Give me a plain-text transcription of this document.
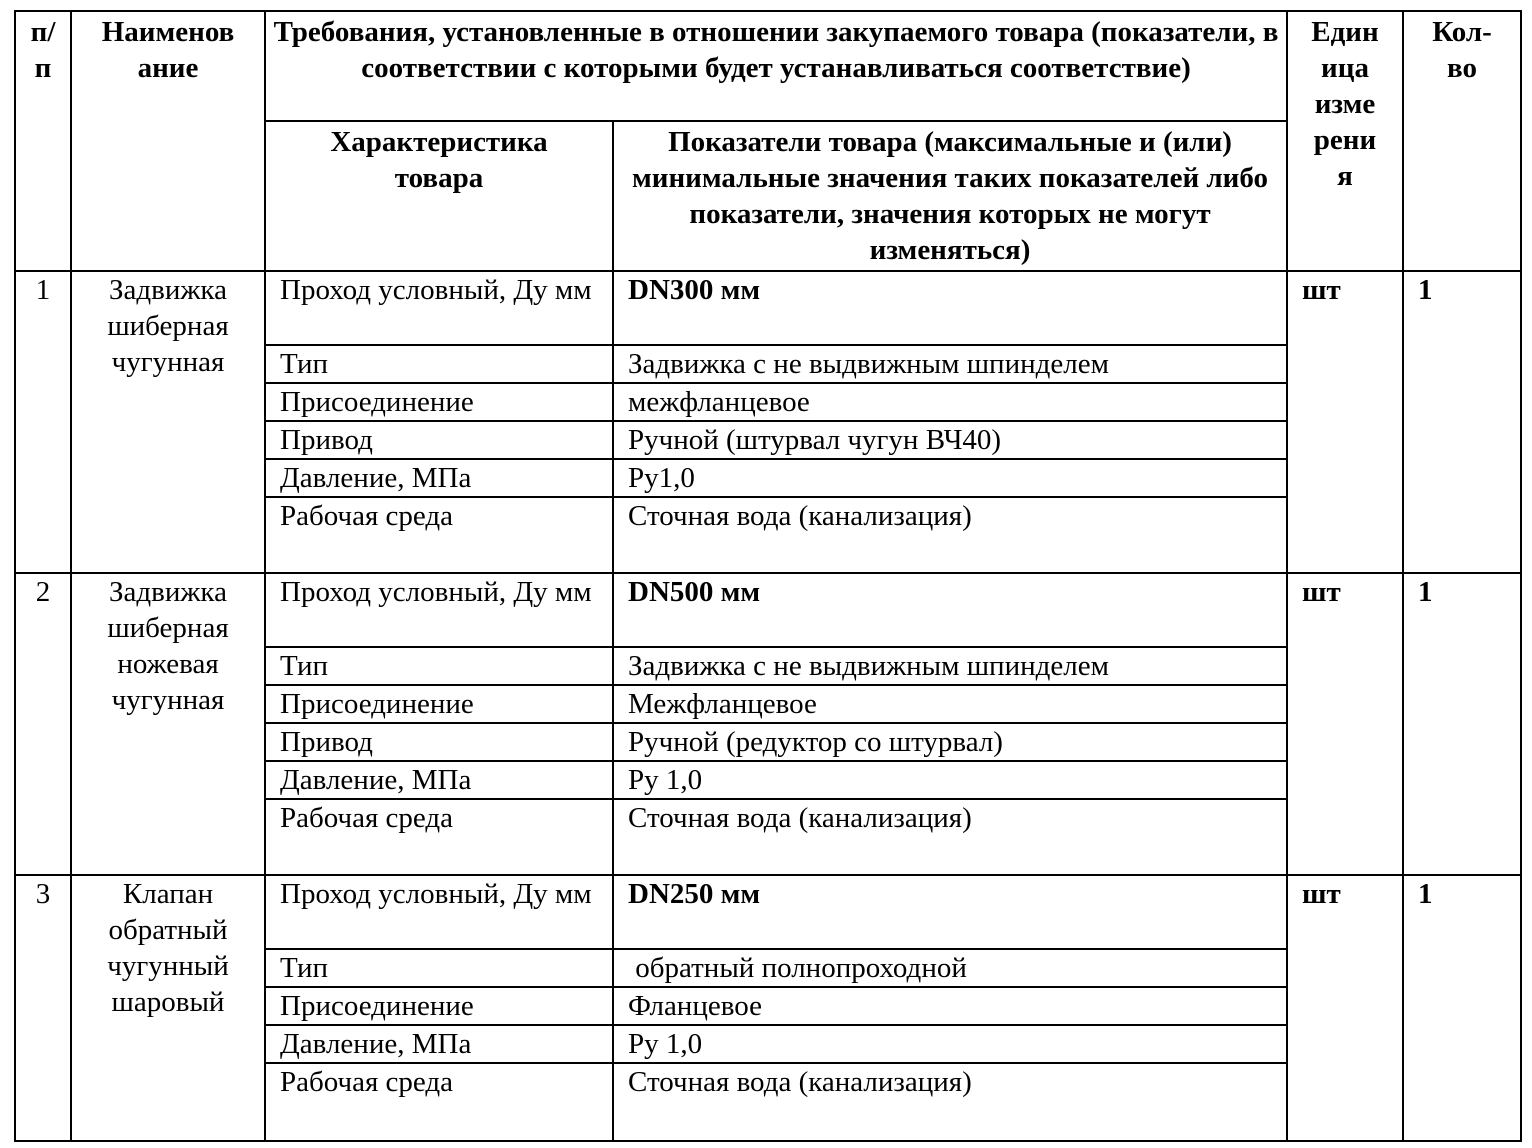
п/
п	Наименов
ание	Требования, установленные в отношении закупаемого товара (показатели, в соответствии с которыми будет устанавливаться соответствие)		Един
ица
изме
рени
я	Кол-
во
		Характеристика
товара	Показатели товара (максимальные и (или) минимальные значения таких показателей либо показатели, значения которых не могут изменяться)		
1	Задвижка
шиберная
чугунная	Проход условный, Ду мм	DN300 мм	шт	1
		Тип	Задвижка с не выдвижным шпинделем		
		Присоединение	межфланцевое		
		Привод	Ручной (штурвал чугун ВЧ40)		
		Давление, МПа	Ру1,0		
		Рабочая среда	Сточная вода (канализация)		
2	Задвижка
шиберная
ножевая
чугунная	Проход условный, Ду мм	DN500 мм	шт	1
		Тип	Задвижка с не выдвижным шпинделем		
		Присоединение	Межфланцевое		
		Привод	Ручной (редуктор со штурвал)		
		Давление, МПа	Ру 1,0		
		Рабочая среда	Сточная вода (канализация)		
3	Клапан
обратный
чугунный
шаровый	Проход условный, Ду мм	DN250 мм	шт	1
		Тип	обратный полнопроходной		
		Присоединение	Фланцевое		
		Давление, МПа	Ру 1,0		
		Рабочая среда	Сточная вода (канализация)		
